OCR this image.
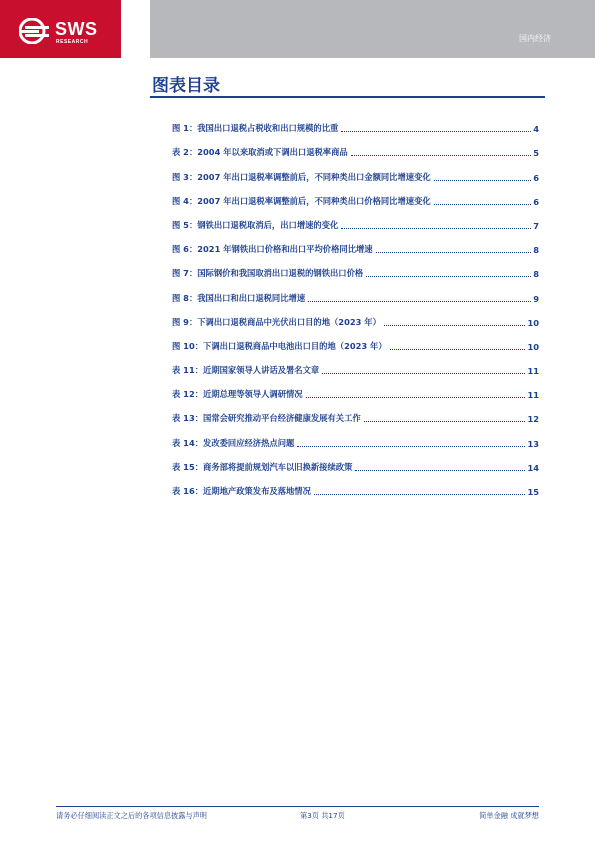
SWS
RESEARCH	国内经济
图表目录
图 1：我国出口退税占税收和出口规模的比重	4
表 2：2004 年以来取消或下调出口退税率商品	5
图 3：2007 年出口退税率调整前后，不同种类出口金额同比增速变化	6
图 4：2007 年出口退税率调整前后，不同种类出口价格同比增速变化	6
图 5：钢铁出口退税取消后，出口增速的变化	7
图 6：2021 年钢铁出口价格和出口平均价格同比增速	8
图 7：国际钢价和我国取消出口退税的钢铁出口价格	8
图 8：我国出口和出口退税同比增速	9
图 9：下调出口退税商品中光伏出口目的地（2023 年）	10
图 10：下调出口退税商品中电池出口目的地（2023 年）	10
表 11：近期国家领导人讲话及署名文章	11
表 12：近期总理等领导人调研情况	11
表 13：国常会研究推动平台经济健康发展有关工作	12
表 14：发改委回应经济热点问题	13
表 15：商务部将提前规划汽车以旧换新接续政策	14
表 16：近期地产政策发布及落地情况	15
请务必仔细阅读正文之后的各项信息披露与声明	第3页 共17页	简单金融 成就梦想
